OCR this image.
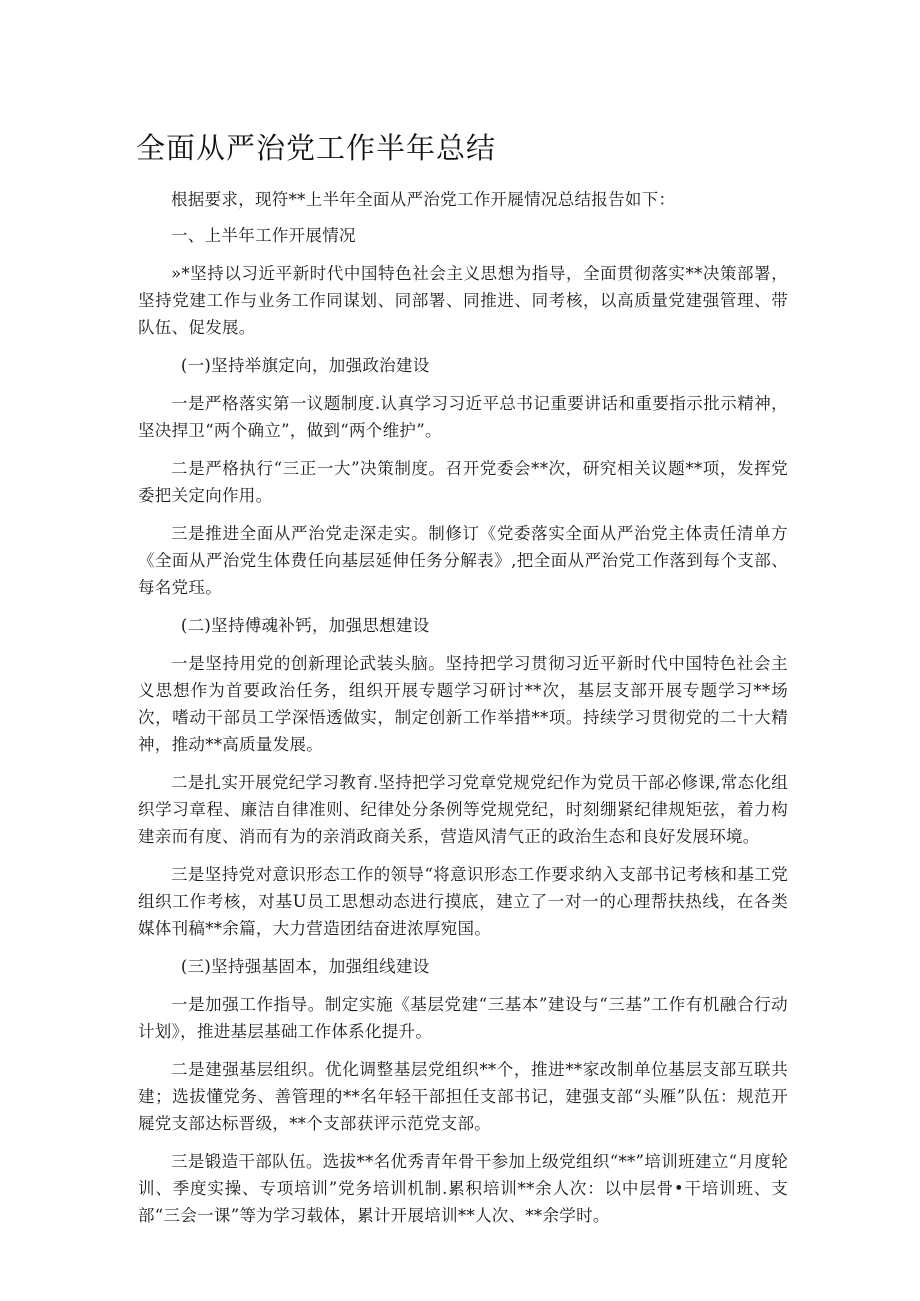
全面从严治党工作半年总结

根据要求，现符**上半年全面从严治党工作开屣情况总结报告如下：

一、上半年工作开展情况

»*坚持以习近平新时代中国特色社会主义思想为指导，全面贯彻落实**决策部署，坚持党建工作与业务工作同谋划、同部署、同推进、同考核，以高质量党建强管理、带队伍、促发展。

(一)坚持举旗定向，加强政治建设

一是严格落实第一议题制度.认真学习习近平总书记重要讲话和重要指示批示精神，坚决捍卫“两个确立”，做到“两个维护”。

二是严格执行“三正一大”决策制度。召开党委会**次，研究相关议题**项，发挥党委把关定向作用。

三是推进全面从严治党走深走实。制修订《党委落实全面从严治党主体责任清单方《全面从严治党生体费任向基层延伸任务分解表》,把全面从严治党工作落到每个支部、每名党珏。

(二)坚持傅魂补钙，加强思想建设

一是坚持用党的创新理论武装头脑。坚持把学习贯彻习近平新时代中国特色社会主义思想作为首要政治任务，组织开展专题学习研讨**次，基层支部开展专题学习**场次，嗜动干部员工学深悟透做实，制定创新工作举措**项。持续学习贯彻党的二十大精神，推动**高质量发展。

二是扎实开展党纪学习教育.坚持把学习党章党规党纪作为党员干部必修课,常态化组织学习章程、廉洁自律准则、纪律处分条例等党规党纪，时刻绷紧纪律规矩弦，着力构建亲而有度、消而有为的亲消政商关系，营造风清气正的政治生态和良好发展环境。

三是坚持党对意识形态工作的领导“将意识形态工作要求纳入支部书记考核和基工党组织工作考核，对基U员工思想动态进行摸底，建立了一对一的心理帮扶热线，在各类媒体刊稿**余篇，大力营造团结奋进浓厚宛国。

(三)坚持强基固本，加强组线建设

一是加强工作指导。制定实施《基层党建“三基本”建设与“三基”工作有机融合行动计划》，推进基层基础工作体系化提升。

二是建强基层组织。优化调整基层党组织**个，推进**家改制单位基层支部互联共建；选拔懂党务、善管理的**名年轻干部担任支部书记，建强支部“头雁”队伍：规范开屣党支部达标晋级，**个支部获评示范党支部。

三是锻造干部队伍。选拔**名优秀青年骨干参加上级党组织“**”培训班建立“月度轮训、季度实操、专项培训”党务培训机制.累积培训**余人次：以中层骨•干培训班、支部“三会一课”等为学习载体，累计开展培训**人次、**余学时。
